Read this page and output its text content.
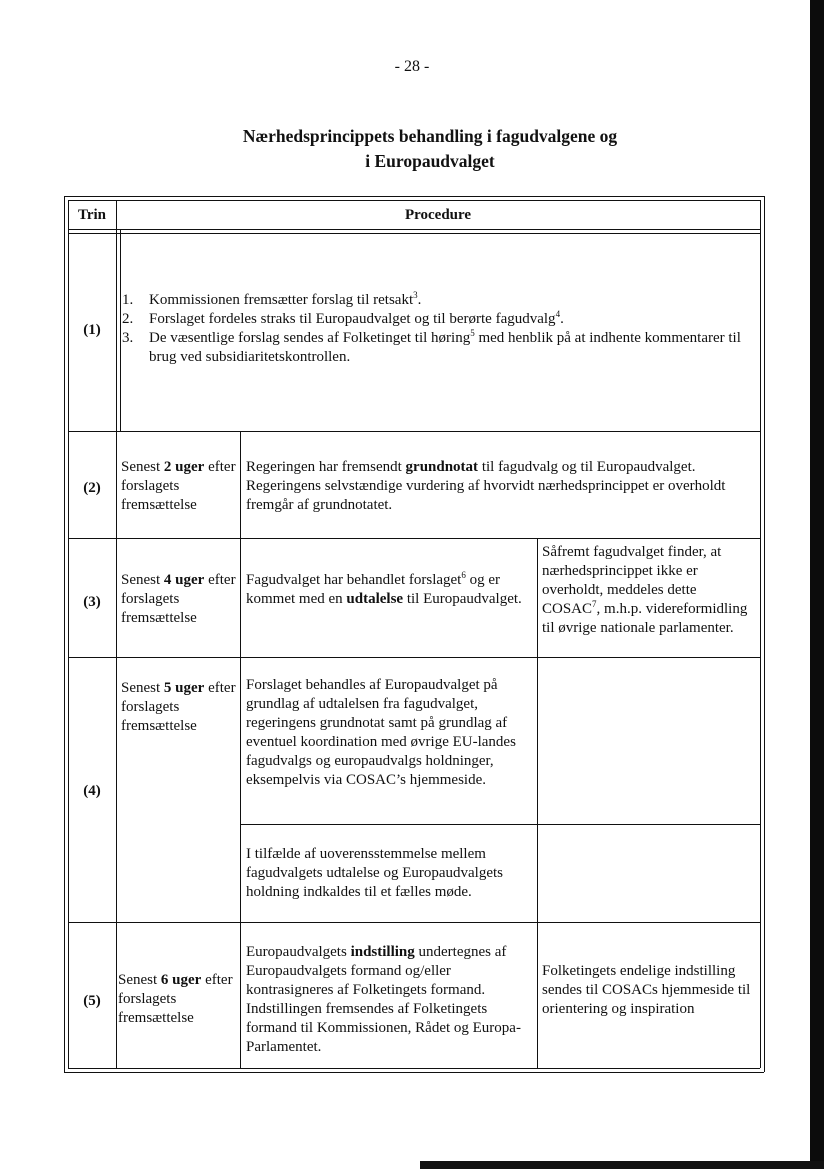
- 28 -
Nærhedsprincippets behandling i fagudvalgene og
i Europaudvalget
Trin	Procedure
(1)
1. Kommissionen fremsætter forslag til retsakt$^3$.
2. Forslaget fordeles straks til Europaudvalget og til berørte fagudvalg$^4$.
3. De væsentlige forslag sendes af Folketinget til høring$^5$ med henblik på at indhente kommentarer til brug ved subsidiaritetskontrollen.
(2)
Senest 2 uger efter forslagets fremsættelse
Regeringen har fremsendt grundnotat til fagudvalg og til Europaudvalget. Regeringens selvstændige vurdering af hvorvidt nærhedsprincippet er overholdt fremgår af grundnotatet.
(3)
Senest 4 uger efter forslagets fremsættelse
Fagudvalget har behandlet forslaget$^6$ og er kommet med en udtalelse til Europaudvalget.
Såfremt fagudvalget finder, at nærhedsprincippet ikke er overholdt, meddeles dette COSAC$^7$, m.h.p. videreformidling til øvrige nationale parlamenter.
(4)
Senest 5 uger efter forslagets fremsættelse
Forslaget behandles af Europaudvalget på grundlag af udtalelsen fra fagudvalget, regeringens grundnotat samt på grundlag af eventuel koordination med øvrige EU-landes fagudvalgs og europaudvalgs holdninger, eksempelvis via COSAC’s hjemmeside.
I tilfælde af uoverensstemmelse mellem fagudvalgets udtalelse og Europaudvalgets holdning indkaldes til et fælles møde.
(5)
Senest 6 uger efter forslagets fremsættelse
Europaudvalgets indstilling undertegnes af Europaudvalgets formand og/eller kontrasigneres af Folketingets formand. Indstillingen fremsendes af Folketingets formand til Kommissionen, Rådet og Europa-Parlamentet.
Folketingets endelige indstilling sendes til COSACs hjemmeside til orientering og inspiration
